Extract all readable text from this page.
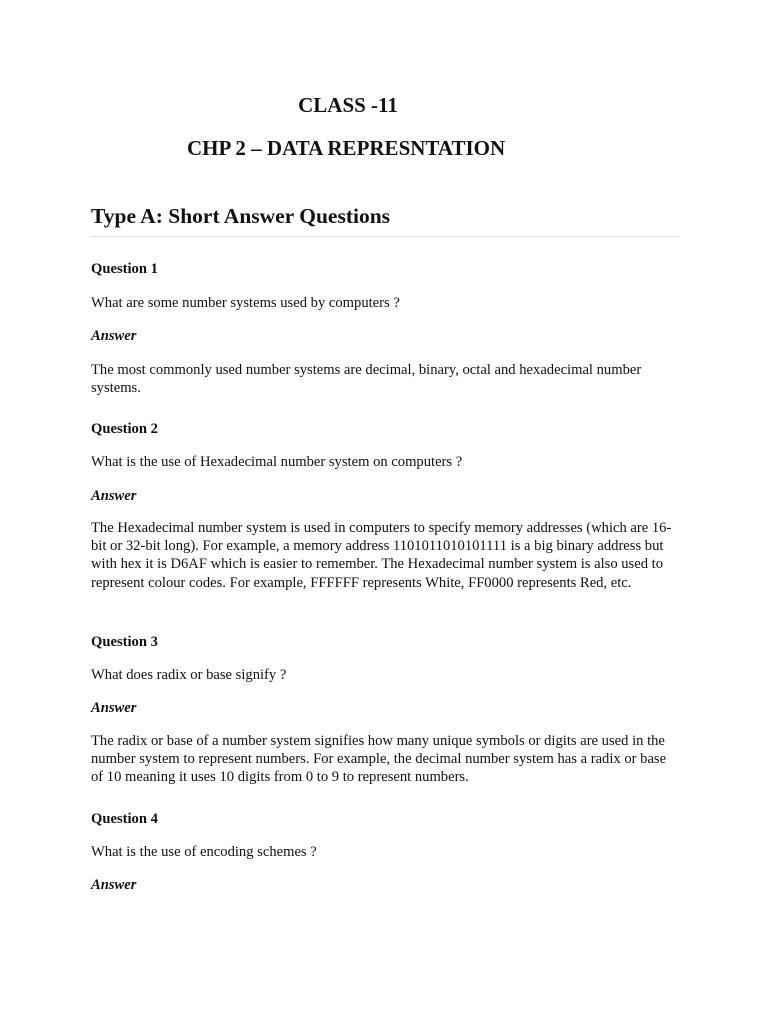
CLASS -11
CHP 2 – DATA REPRESNTATION
Type A: Short Answer Questions
Question 1
What are some number systems used by computers ?
Answer
The most commonly used number systems are decimal, binary, octal and hexadecimal number systems.
Question 2
What is the use of Hexadecimal number system on computers ?
Answer
The Hexadecimal number system is used in computers to specify memory addresses (which are 16-bit or 32-bit long). For example, a memory address 1101011010101111 is a big binary address but with hex it is D6AF which is easier to remember. The Hexadecimal number system is also used to represent colour codes. For example, FFFFFF represents White, FF0000 represents Red, etc.
Question 3
What does radix or base signify ?
Answer
The radix or base of a number system signifies how many unique symbols or digits are used in the number system to represent numbers. For example, the decimal number system has a radix or base of 10 meaning it uses 10 digits from 0 to 9 to represent numbers.
Question 4
What is the use of encoding schemes ?
Answer
